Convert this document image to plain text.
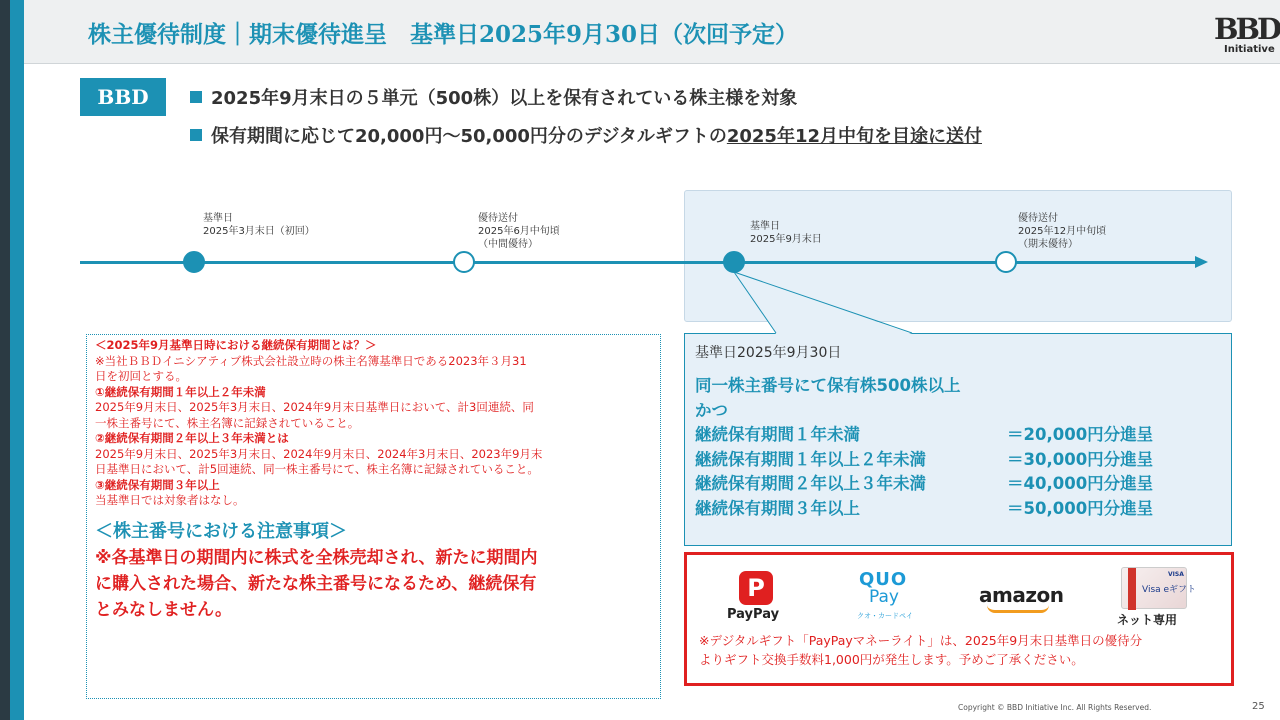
株主優待制度｜期末優待進呈　基準日2025年9月30日（次回予定）	BBD
Initiative
BBD	2025年9月末日の５単元（500株）以上を保有されている株主様を対象
保有期間に応じて20,000円～50,000円分のデジタルギフトの2025年12月中旬を目途に送付
基準日
2025年3月末日（初回）
優待送付
2025年6月中旬頃
（中間優待）
基準日
2025年9月末日
優待送付
2025年12月中旬頃
（期末優待）
＜2025年9月基準日時における継続保有期間とは？＞
※当社ＢＢＤイニシアティブ株式会社設立時の株主名簿基準日である2023年３月31
日を初回とする。
①継続保有期間１年以上２年未満
2025年9月末日、2025年3月末日、2024年9月末日基準日において、計3回連続、同
一株主番号にて、株主名簿に記録されていること。
②継続保有期間２年以上３年未満とは
2025年9月末日、2025年3月末日、2024年9月末日、2024年3月末日、2023年9月末
日基準日において、計5回連続、同一株主番号にて、株主名簿に記録されていること。
③継続保有期間３年以上
当基準日では対象者はなし。
＜株主番号における注意事項＞
※各基準日の期間内に株式を全株売却され、新たに期間内
に購入された場合、新たな株主番号になるため、継続保有
とみなしません。
基準日2025年9月30日
同一株主番号にて保有株500株以上
かつ
継続保有期間１年未満	＝20,000円分進呈
継続保有期間１年以上２年未満	＝30,000円分進呈
継続保有期間２年以上３年未満	＝40,000円分進呈
継続保有期間３年以上	＝50,000円分進呈
P
PayPay
QUO
Pay
クオ・カードペイ
amazon
VISA
Visa eギフト
ネット専用
※デジタルギフト「PayPayマネーライト」は、2025年9月末日基準日の優待分
よりギフト交換手数料1,000円が発生します。予めご了承ください。
Copyright © BBD Initiative Inc. All Rights Reserved.	25
